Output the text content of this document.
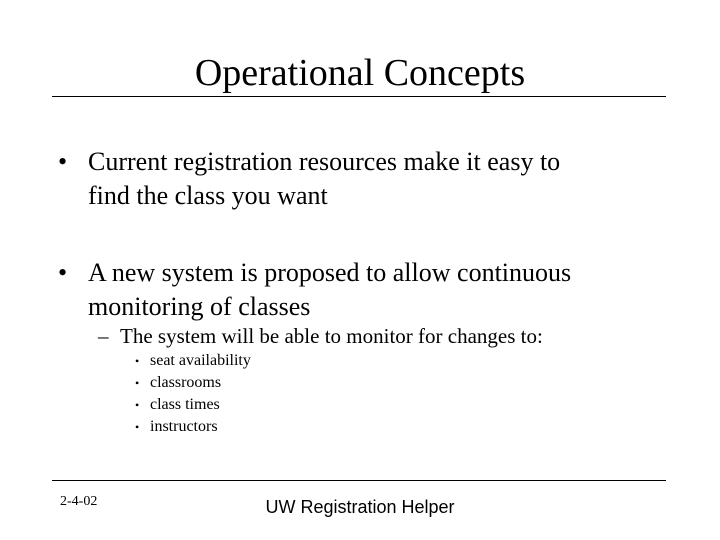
Operational Concepts
• Current registration resources make it easy to
find the class you want
• A new system is proposed to allow continuous
monitoring of classes
– The system will be able to monitor for changes to:
• seat availability
• classrooms
• class times
• instructors
2-4-02	UW Registration Helper
